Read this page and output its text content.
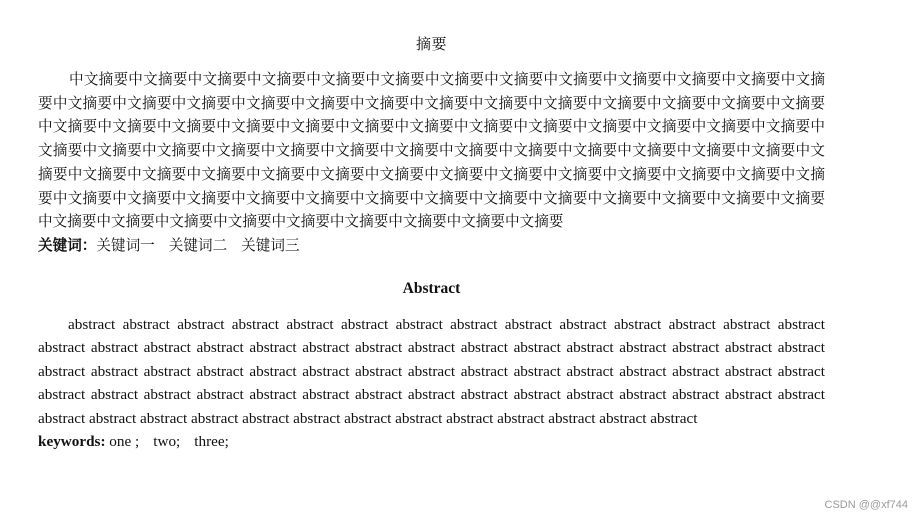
摘要

中文摘要中文摘要中文摘要中文摘要中文摘要中文摘要中文摘要中文摘要中文摘要中文摘要中文摘要中文摘要中文摘要中文摘要中文摘要中文摘要中文摘要中文摘要中文摘要中文摘要中文摘要中文摘要中文摘要中文摘要中文摘要中文摘要中文摘要中文摘要中文摘要中文摘要中文摘要中文摘要中文摘要中文摘要中文摘要中文摘要中文摘要中文摘要中文摘要中文摘要中文摘要中文摘要中文摘要中文摘要中文摘要中文摘要中文摘要中文摘要中文摘要中文摘要中文摘要中文摘要中文摘要中文摘要中文摘要中文摘要中文摘要中文摘要中文摘要中文摘要中文摘要中文摘要中文摘要中文摘要中文摘要中文摘要中文摘要中文摘要中文摘要中文摘要中文摘要中文摘要中文摘要中文摘要中文摘要中文摘要中文摘要中文摘要中文摘要中文摘要中文摘要中文摘要中文摘要中文摘要中文摘要中文摘要中文摘要中文摘要

关键词：关键词一 关键词二 关键词三

Abstract

abstract abstract abstract abstract abstract abstract abstract abstract abstract abstract abstract abstract abstract abstract abstract abstract abstract abstract abstract abstract abstract abstract abstract abstract abstract abstract abstract abstract abstract abstract abstract abstract abstract abstract abstract abstract abstract abstract abstract abstract abstract abstract abstract abstract abstract abstract abstract abstract abstract abstract abstract abstract abstract abstract abstract abstract abstract abstract abstract abstract abstract abstract abstract abstract abstract abstract abstract abstract abstract abstract abstract abstract

keywords: one ; two; three;

CSDN @@xf744
